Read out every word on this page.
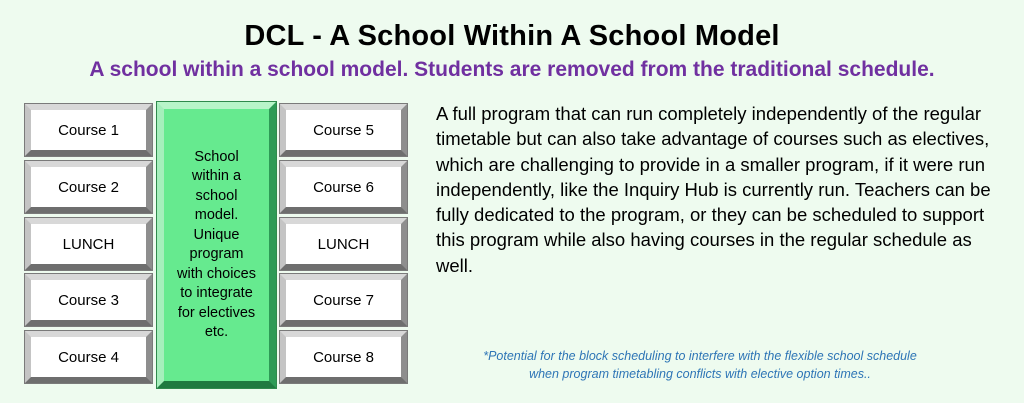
DCL - A School Within A School Model
A school within a school model. Students are removed from the traditional schedule.
Course 1
Course 2
LUNCH
Course 3
Course 4
School
within a
school
model.
Unique
program
with choices
to integrate
for electives
etc.
Course 5
Course 6
LUNCH
Course 7
Course 8
A full program that can run completely independently of the regular timetable but can also take advantage of courses such as electives, which are challenging to provide in a smaller program, if it were run independently, like the Inquiry Hub is currently run. Teachers can be fully dedicated to the program, or they can be scheduled to support this program while also having courses in the regular schedule as well.
*Potential for the block scheduling to interfere with the flexible school schedule
when program timetabling conflicts with elective option times..
